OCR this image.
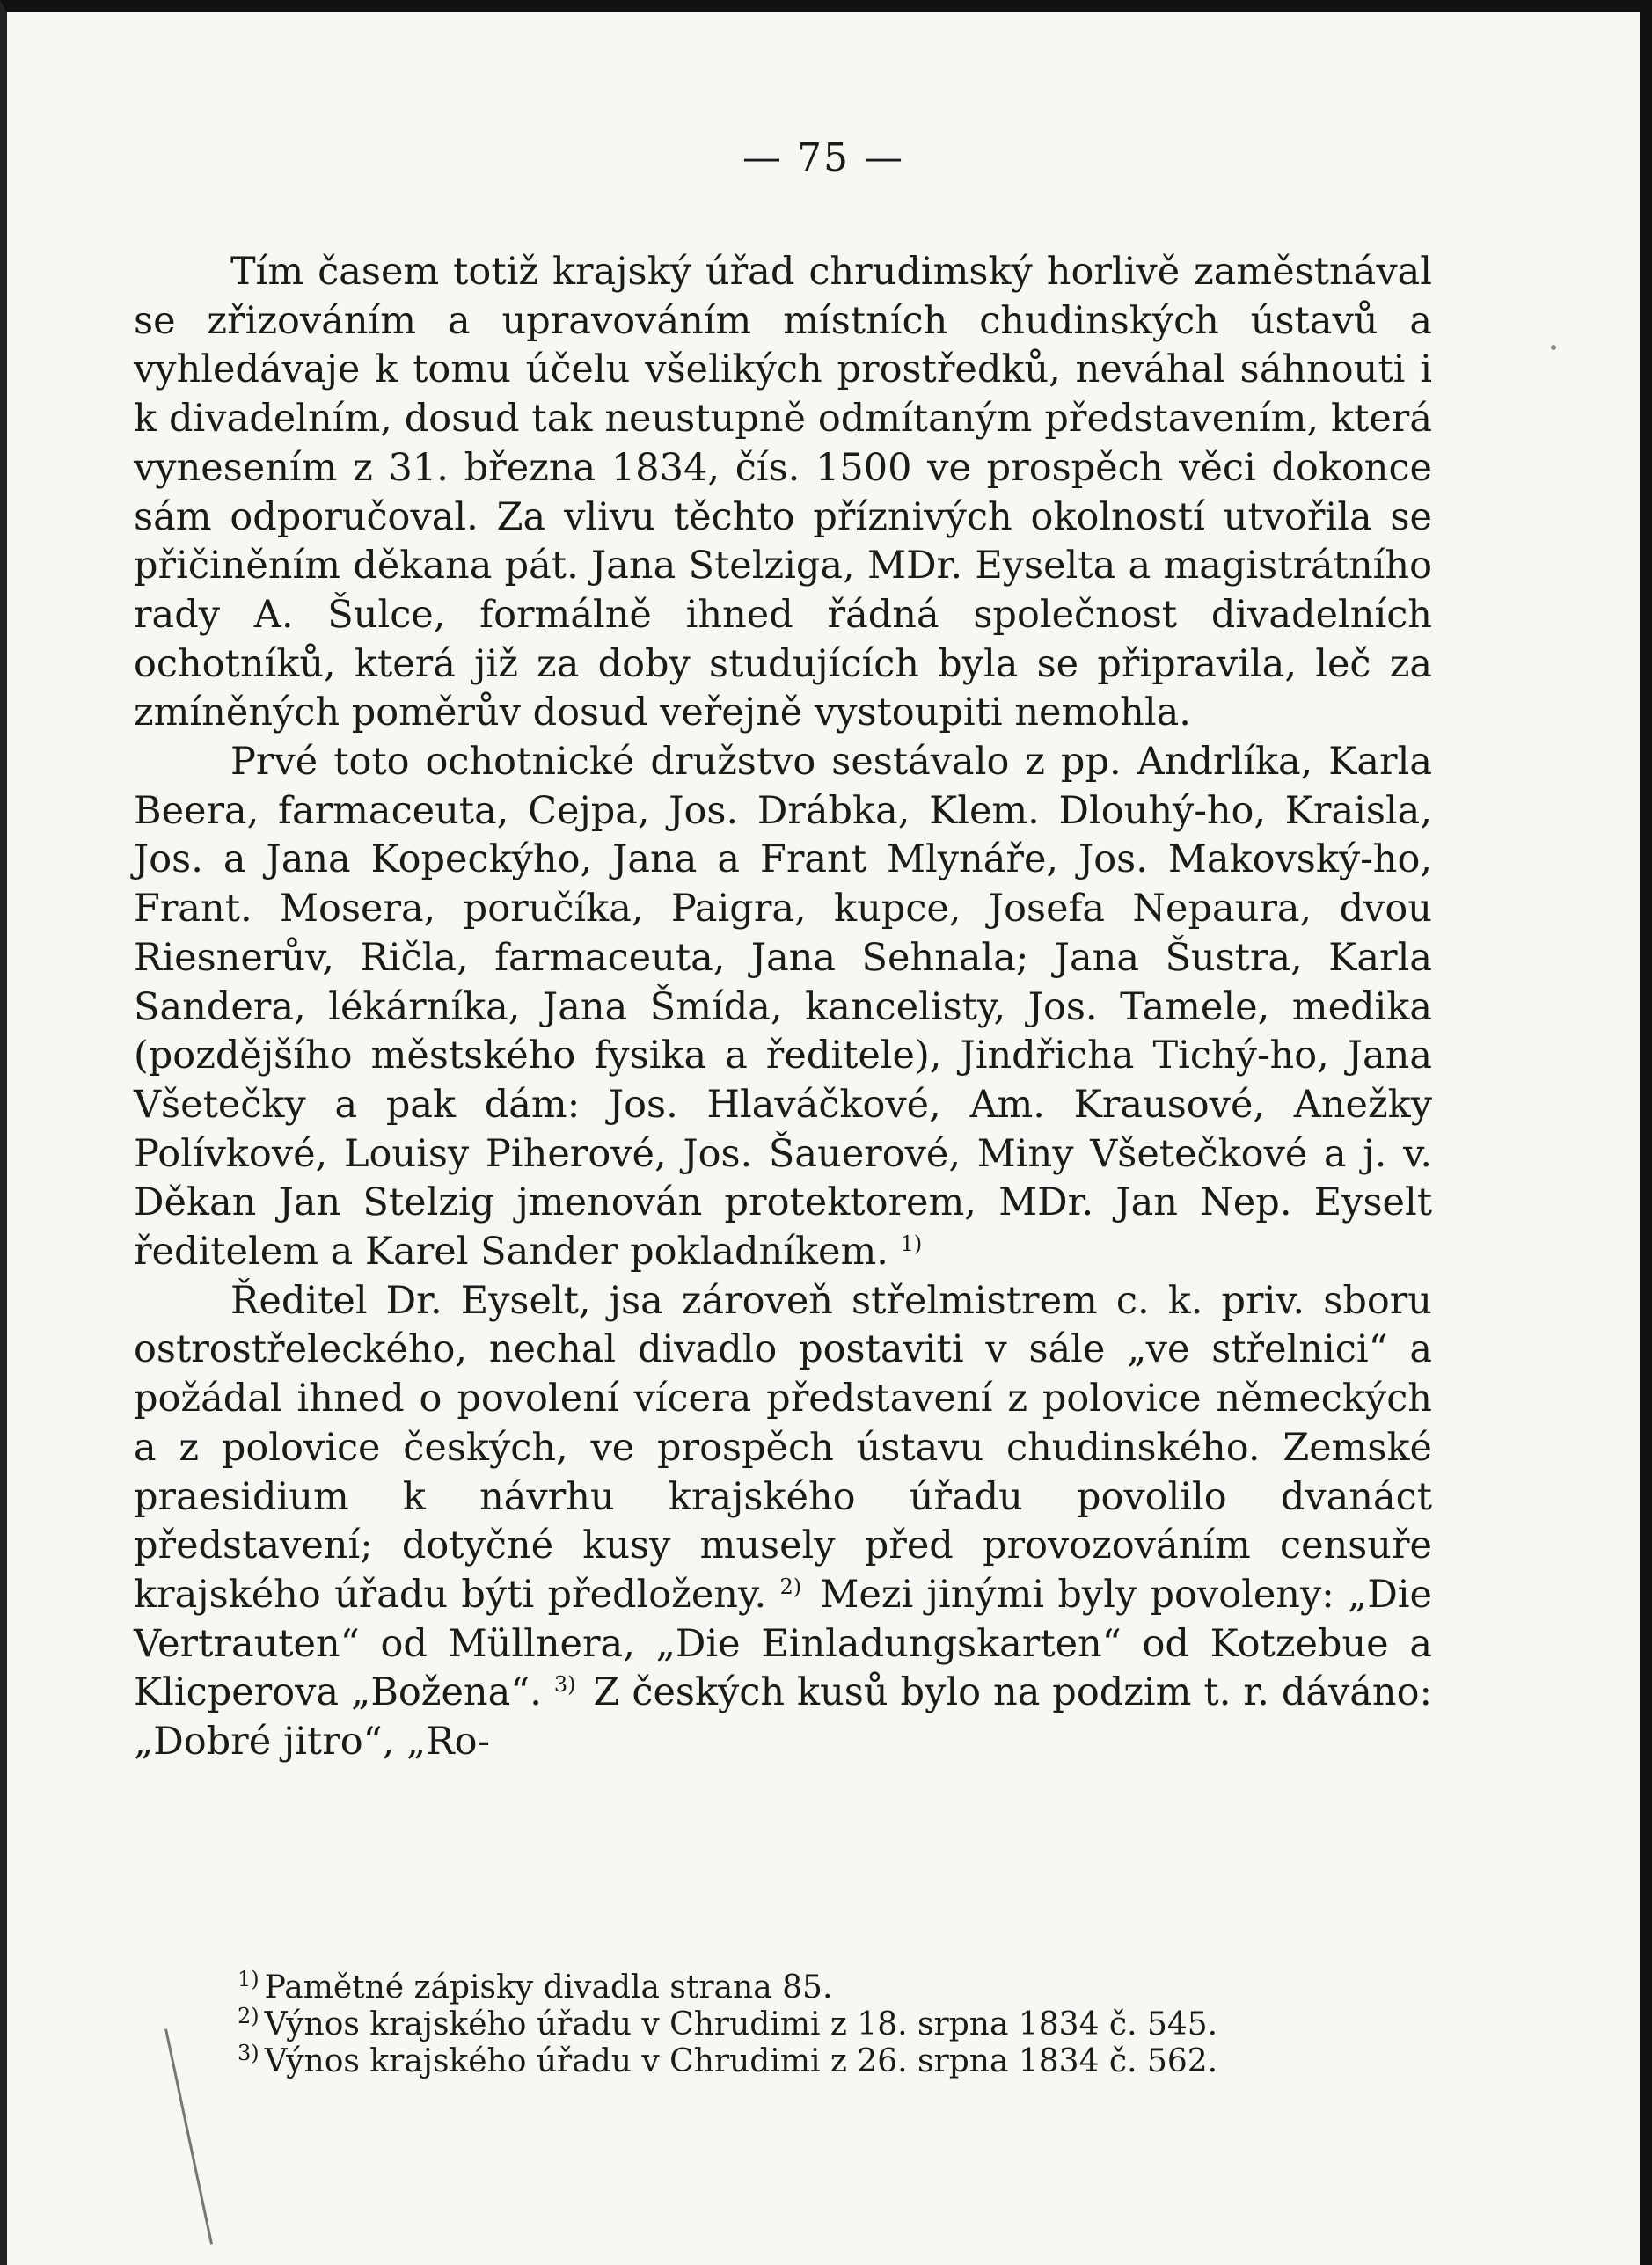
— 75 —

Tím časem totiž krajský úřad chrudimský horlivě zaměstnával se zřizováním a upravováním místních chudinských ústavů a vyhledávaje k tomu účelu všelikých prostředků, neváhal sáhnouti i k divadelním, dosud tak neustupně odmítaným představením, která vynesením z 31. března 1834, čís. 1500 ve prospěch věci dokonce sám odporučoval. Za vlivu těchto příznivých okolností utvořila se přičiněním děkana pát. Jana Stelziga, MDr. Eyselta a magistrátního rady A. Šulce, formálně ihned řádná společnost divadelních ochotníků, která již za doby studujících byla se připravila, leč za zmíněných poměrův dosud veřejně vystoupiti nemohla.

Prvé toto ochotnické družstvo sestávalo z pp. Andrlíka, Karla Beera, farmaceuta, Cejpa, Jos. Drábka, Klem. Dlouhý-ho, Kraisla, Jos. a Jana Kopeckýho, Jana a Frant Mlynáře, Jos. Makovský-ho, Frant. Mosera, poručíka, Paigra, kupce, Josefa Nepaura, dvou Riesnerův, Ričla, farmaceuta, Jana Sehnala; Jana Šustra, Karla Sandera, lékárníka, Jana Šmída, kancelisty, Jos. Tamele, medika (pozdějšího městského fysika a ředitele), Jindřicha Tichý-ho, Jana Všetečky a pak dám: Jos. Hlaváčkové, Am. Krausové, Anežky Polívkové, Louisy Piherové, Jos. Šauerové, Miny Všetečkové a j. v. Děkan Jan Stelzig jmenován protektorem, MDr. Jan Nep. Eyselt ředitelem a Karel Sander pokladníkem. $^{1)}$

Ředitel Dr. Eyselt, jsa zároveň střelmistrem c. k. priv. sboru ostrostřeleckého, nechal divadlo postaviti v sále „ve střelnici“ a požádal ihned o povolení vícera představení z polovice německých a z polovice českých, ve prospěch ústavu chudinského. Zemské praesidium k návrhu krajského úřadu povolilo dvanáct představení; dotyčné kusy musely před provozováním censuře krajského úřadu býti předloženy. $^{2)}$ Mezi jinými byly povoleny: „Die Vertrauten“ od Müllnera, „Die Einladungskarten“ od Kotzebue a Klicperova „Božena“. $^{3)}$ Z českých kusů bylo na podzim t. r. dáváno: „Dobré jitro“, „Ro-

$^{1)}$ Pamětné zápisky divadla strana 85.
$^{2)}$ Výnos krajského úřadu v Chrudimi z 18. srpna 1834 č. 545.
$^{3)}$ Výnos krajského úřadu v Chrudimi z 26. srpna 1834 č. 562.
